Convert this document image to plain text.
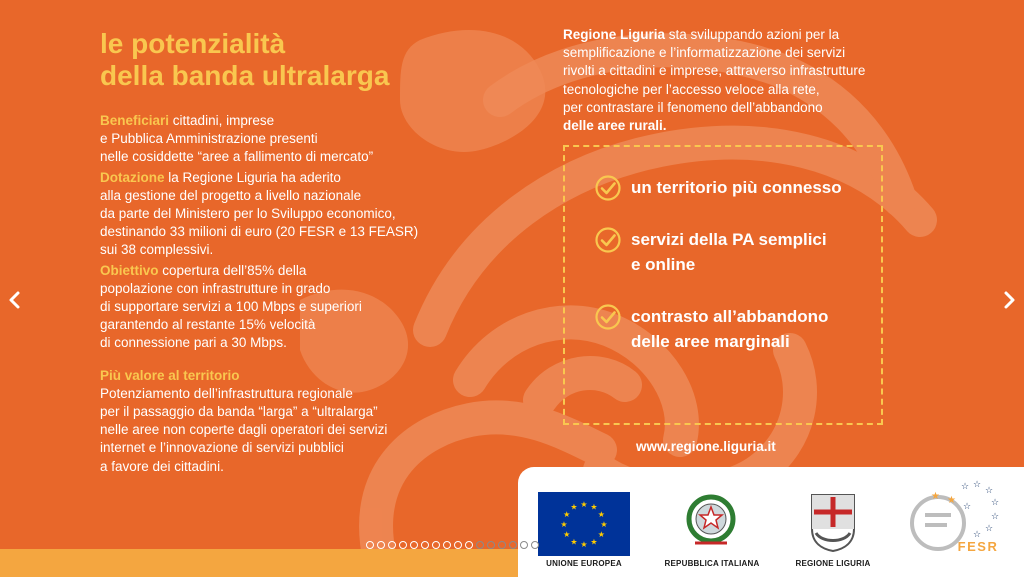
le potenzialità
della banda ultralarga

Beneficiari cittadini, imprese
e Pubblica Amministrazione presenti
nelle cosiddette “aree a fallimento di mercato”

Dotazione la Regione Liguria ha aderito
alla gestione del progetto a livello nazionale
da parte del Ministero per lo Sviluppo economico,
destinando 33 milioni di euro (20 FESR e 13 FEASR)
sui 38 complessivi.

Obiettivo copertura dell’85% della
popolazione con infrastrutture in grado
di supportare servizi a 100 Mbps e superiori
garantendo al restante 15% velocità
di connessione pari a 30 Mbps.

Più valore al territorio
Potenziamento dell’infrastruttura regionale
per il passaggio da banda “larga” a “ultralarga”
nelle aree non coperte dagli operatori dei servizi
internet e l’innovazione di servizi pubblici
a favore dei cittadini.

Regione Liguria sta sviluppando azioni per la
semplificazione e l’informatizzazione dei servizi
rivolti a cittadini e imprese, attraverso infrastrutture
tecnologiche per l’accesso veloce alla rete,
per contrastare il fenomeno dell’abbandono
delle aree rurali.
un territorio più connesso
servizi della PA semplici
e online
contrasto all’abbandono
delle aree marginali
www.regione.liguria.it
★ ★
★
★
★
★
★
★
★
★
★
★
UNIONE EUROPEA	REPUBBLICA ITALIANA	REGIONE LIGURIA
★ ★
☆ ☆
☆
☆
☆
☆
☆
☆
FESR
